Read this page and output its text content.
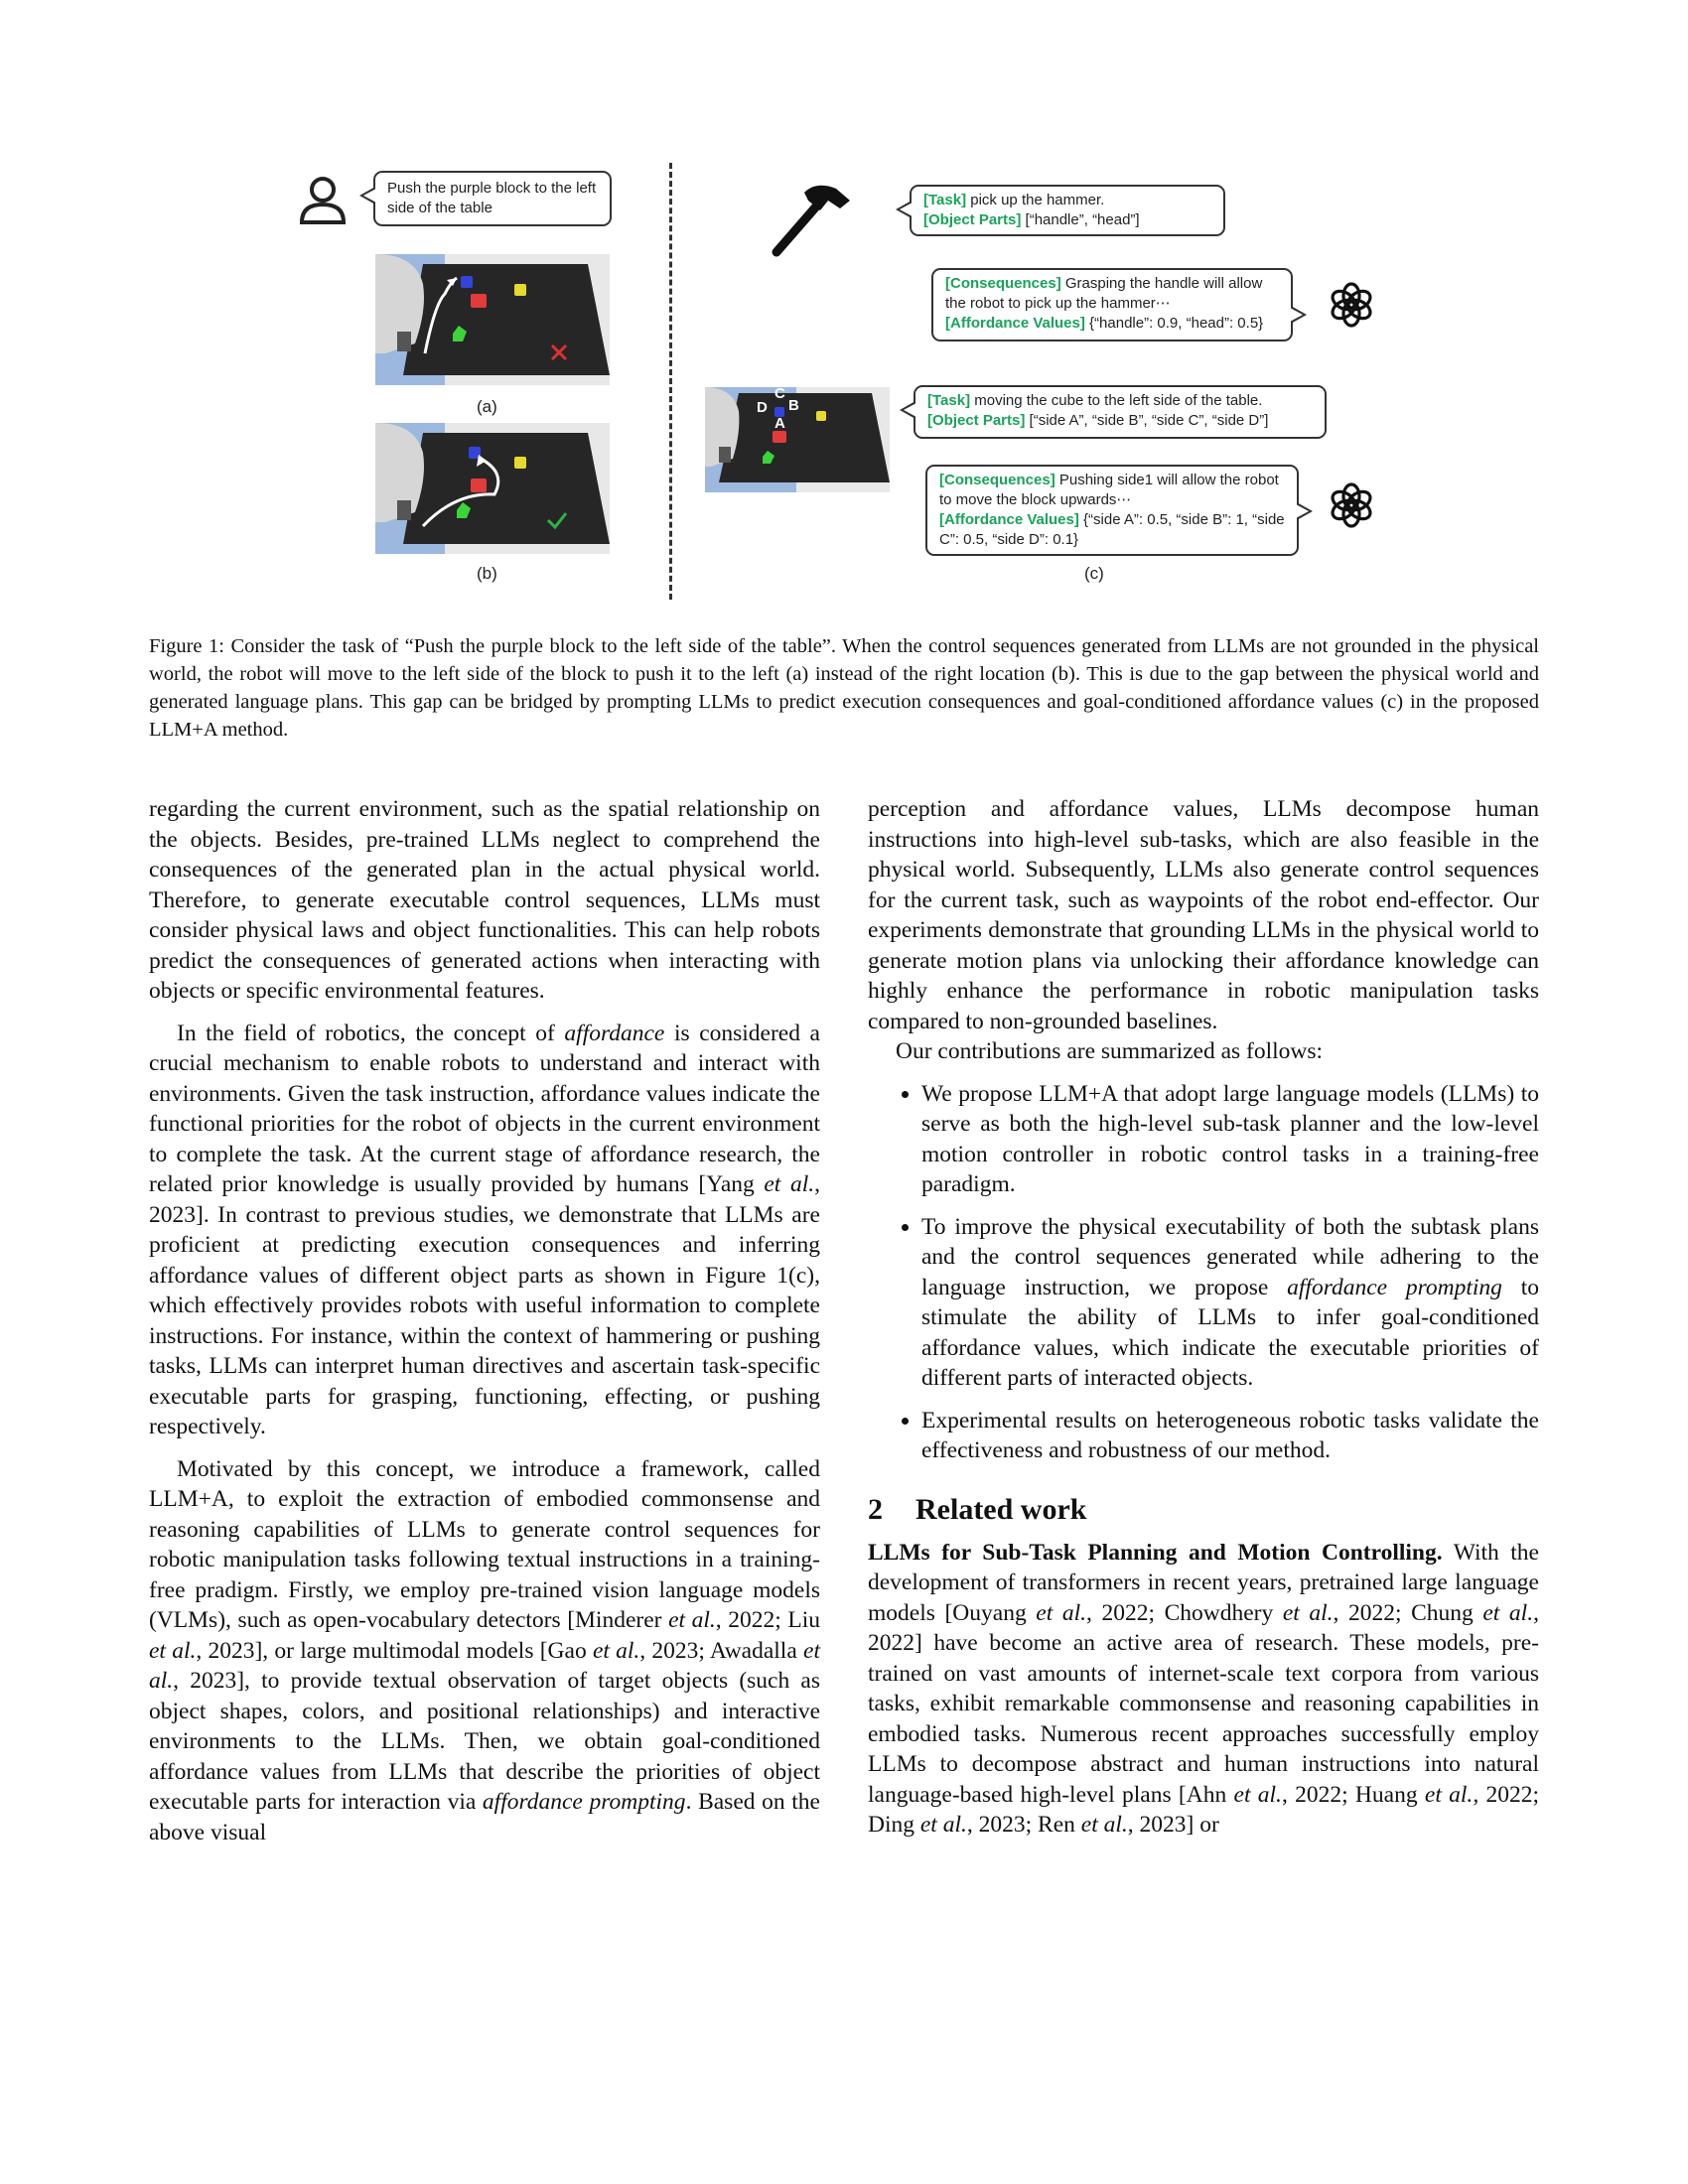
Push the purple block to the left side of the table
(a)
(b)
[Task] pick up the hammer.
[Object Parts] [“handle”, “head”]
[Consequences] Grasping the handle will allow the robot to pick up the hammer⋯
[Affordance Values] {“handle”: 0.9, “head”: 0.5}
C
D B
A
[Task] moving the cube to the left side of the table.
[Object Parts] [“side A”, “side B”, “side C”, “side D”]
[Consequences] Pushing side1 will allow the robot to move the block upwards⋯
[Affordance Values] {“side A”: 0.5, “side B”: 1, “side C”: 0.5, “side D”: 0.1}
(c)
Figure 1: Consider the task of “Push the purple block to the left side of the table”. When the control sequences generated from LLMs are not grounded in the physical world, the robot will move to the left side of the block to push it to the left (a) instead of the right location (b). This is due to the gap between the physical world and generated language plans. This gap can be bridged by prompting LLMs to predict execution consequences and goal-conditioned affordance values (c) in the proposed LLM+A method.

regarding the current environment, such as the spatial relationship on the objects. Besides, pre-trained LLMs neglect to comprehend the consequences of the generated plan in the actual physical world. Therefore, to generate executable control sequences, LLMs must consider physical laws and object functionalities. This can help robots predict the consequences of generated actions when interacting with objects or specific environmental features.

In the field of robotics, the concept of affordance is considered a crucial mechanism to enable robots to understand and interact with environments. Given the task instruction, affordance values indicate the functional priorities for the robot of objects in the current environment to complete the task. At the current stage of affordance research, the related prior knowledge is usually provided by humans [Yang et al., 2023]. In contrast to previous studies, we demonstrate that LLMs are proficient at predicting execution consequences and inferring affordance values of different object parts as shown in Figure 1(c), which effectively provides robots with useful information to complete instructions. For instance, within the context of hammering or pushing tasks, LLMs can interpret human directives and ascertain task-specific executable parts for grasping, functioning, effecting, or pushing respectively.

Motivated by this concept, we introduce a framework, called LLM+A, to exploit the extraction of embodied commonsense and reasoning capabilities of LLMs to generate control sequences for robotic manipulation tasks following textual instructions in a training-free pradigm. Firstly, we employ pre-trained vision language models (VLMs), such as open-vocabulary detectors [Minderer et al., 2022; Liu et al., 2023], or large multimodal models [Gao et al., 2023; Awadalla et al., 2023], to provide textual observation of target objects (such as object shapes, colors, and positional relationships) and interactive environments to the LLMs. Then, we obtain goal-conditioned affordance values from LLMs that describe the priorities of object executable parts for interaction via affordance prompting. Based on the above visual

perception and affordance values, LLMs decompose human instructions into high-level sub-tasks, which are also feasible in the physical world. Subsequently, LLMs also generate control sequences for the current task, such as waypoints of the robot end-effector. Our experiments demonstrate that grounding LLMs in the physical world to generate motion plans via unlocking their affordance knowledge can highly enhance the performance in robotic manipulation tasks compared to non-grounded baselines.

Our contributions are summarized as follows:

• We propose LLM+A that adopt large language models (LLMs) to serve as both the high-level sub-task planner and the low-level motion controller in robotic control tasks in a training-free paradigm.
• To improve the physical executability of both the subtask plans and the control sequences generated while adhering to the language instruction, we propose affordance prompting to stimulate the ability of LLMs to infer goal-conditioned affordance values, which indicate the executable priorities of different parts of interacted objects.
• Experimental results on heterogeneous robotic tasks validate the effectiveness and robustness of our method.
2 Related work

LLMs for Sub-Task Planning and Motion Controlling. With the development of transformers in recent years, pretrained large language models [Ouyang et al., 2022; Chowdhery et al., 2022; Chung et al., 2022] have become an active area of research. These models, pre-trained on vast amounts of internet-scale text corpora from various tasks, exhibit remarkable commonsense and reasoning capabilities in embodied tasks. Numerous recent approaches successfully employ LLMs to decompose abstract and human instructions into natural language-based high-level plans [Ahn et al., 2022; Huang et al., 2022; Ding et al., 2023; Ren et al., 2023] or
